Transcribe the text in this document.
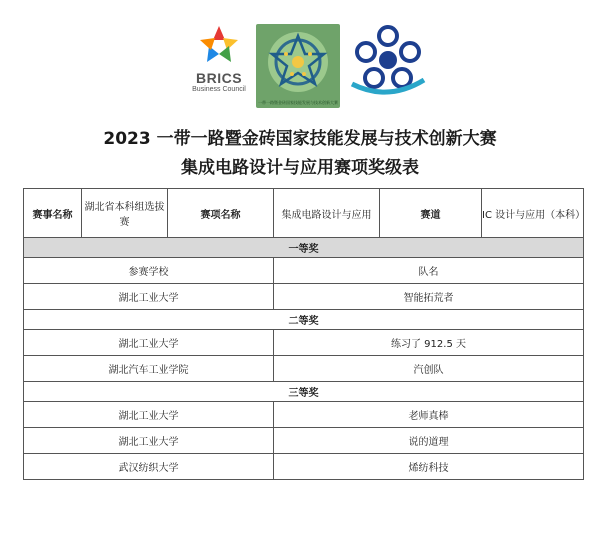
BRICS
Business Council
一带一路暨金砖国家技能发展与技术创新大赛
2023 一带一路暨金砖国家技能发展与技术创新大赛
集成电路设计与应用赛项奖级表
赛事名称	湖北省本科组选拔赛	赛项名称	集成电路设计与应用	赛道	IC 设计与应用（本科）
一等奖					
参赛学校			队名		
湖北工业大学			智能拓荒者		
二等奖					
湖北工业大学			练习了 912.5 天		
湖北汽车工业学院			汽创队		
三等奖					
湖北工业大学			老师真棒		
湖北工业大学			说的道理		
武汉纺织大学			烯纺科技		
